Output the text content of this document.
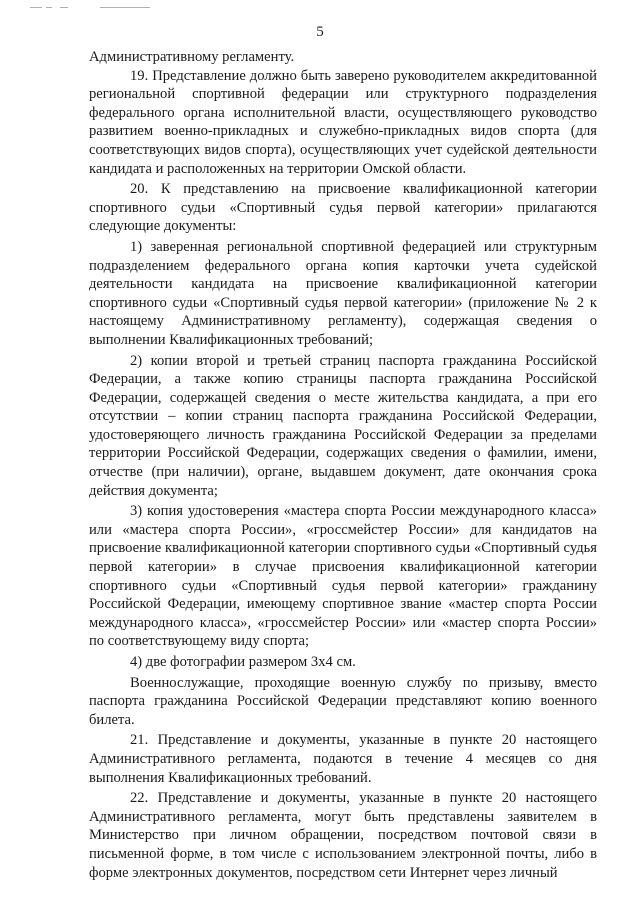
5

Административному регламенту.

19. Представление должно быть заверено руководителем аккредитованной региональной спортивной федерации или структурного подразделения федерального органа исполнительной власти, осуществляющего руководство развитием военно-прикладных и служебно-прикладных видов спорта (для соответствующих видов спорта), осуществляющих учет судейской деятельности кандидата и расположенных на территории Омской области.

20. К представлению на присвоение квалификационной категории спортивного судьи «Спортивный судья первой категории» прилагаются следующие документы:

1) заверенная региональной спортивной федерацией или структурным подразделением федерального органа копия карточки учета судейской деятельности кандидата на присвоение квалификационной категории спортивного судьи «Спортивный судья первой категории» (приложение № 2 к настоящему Административному регламенту), содержащая сведения о выполнении Квалификационных требований;

2) копии второй и третьей страниц паспорта гражданина Российской Федерации, а также копию страницы паспорта гражданина Российской Федерации, содержащей сведения о месте жительства кандидата, а при его отсутствии – копии страниц паспорта гражданина Российской Федерации, удостоверяющего личность гражданина Российской Федерации за пределами территории Российской Федерации, содержащих сведения о фамилии, имени, отчестве (при наличии), органе, выдавшем документ, дате окончания срока действия документа;

3) копия удостоверения «мастера спорта России международного класса» или «мастера спорта России», «гроссмейстер России» для кандидатов на присвоение квалификационной категории спортивного судьи «Спортивный судья первой категории» в случае присвоения квалификационной категории спортивного судьи «Спортивный судья первой категории» гражданину Российской Федерации, имеющему спортивное звание «мастер спорта России международного класса», «гроссмейстер России» или «мастер спорта России» по соответствующему виду спорта;

4) две фотографии размером 3х4 см.

Военнослужащие, проходящие военную службу по призыву, вместо паспорта гражданина Российской Федерации представляют копию военного билета.

21. Представление и документы, указанные в пункте 20 настоящего Административного регламента, подаются в течение 4 месяцев со дня выполнения Квалификационных требований.

22. Представление и документы, указанные в пункте 20 настоящего Административного регламента, могут быть представлены заявителем в Министерство при личном обращении, посредством почтовой связи в письменной форме, в том числе с использованием электронной почты, либо в форме электронных документов, посредством сети Интернет через личный
